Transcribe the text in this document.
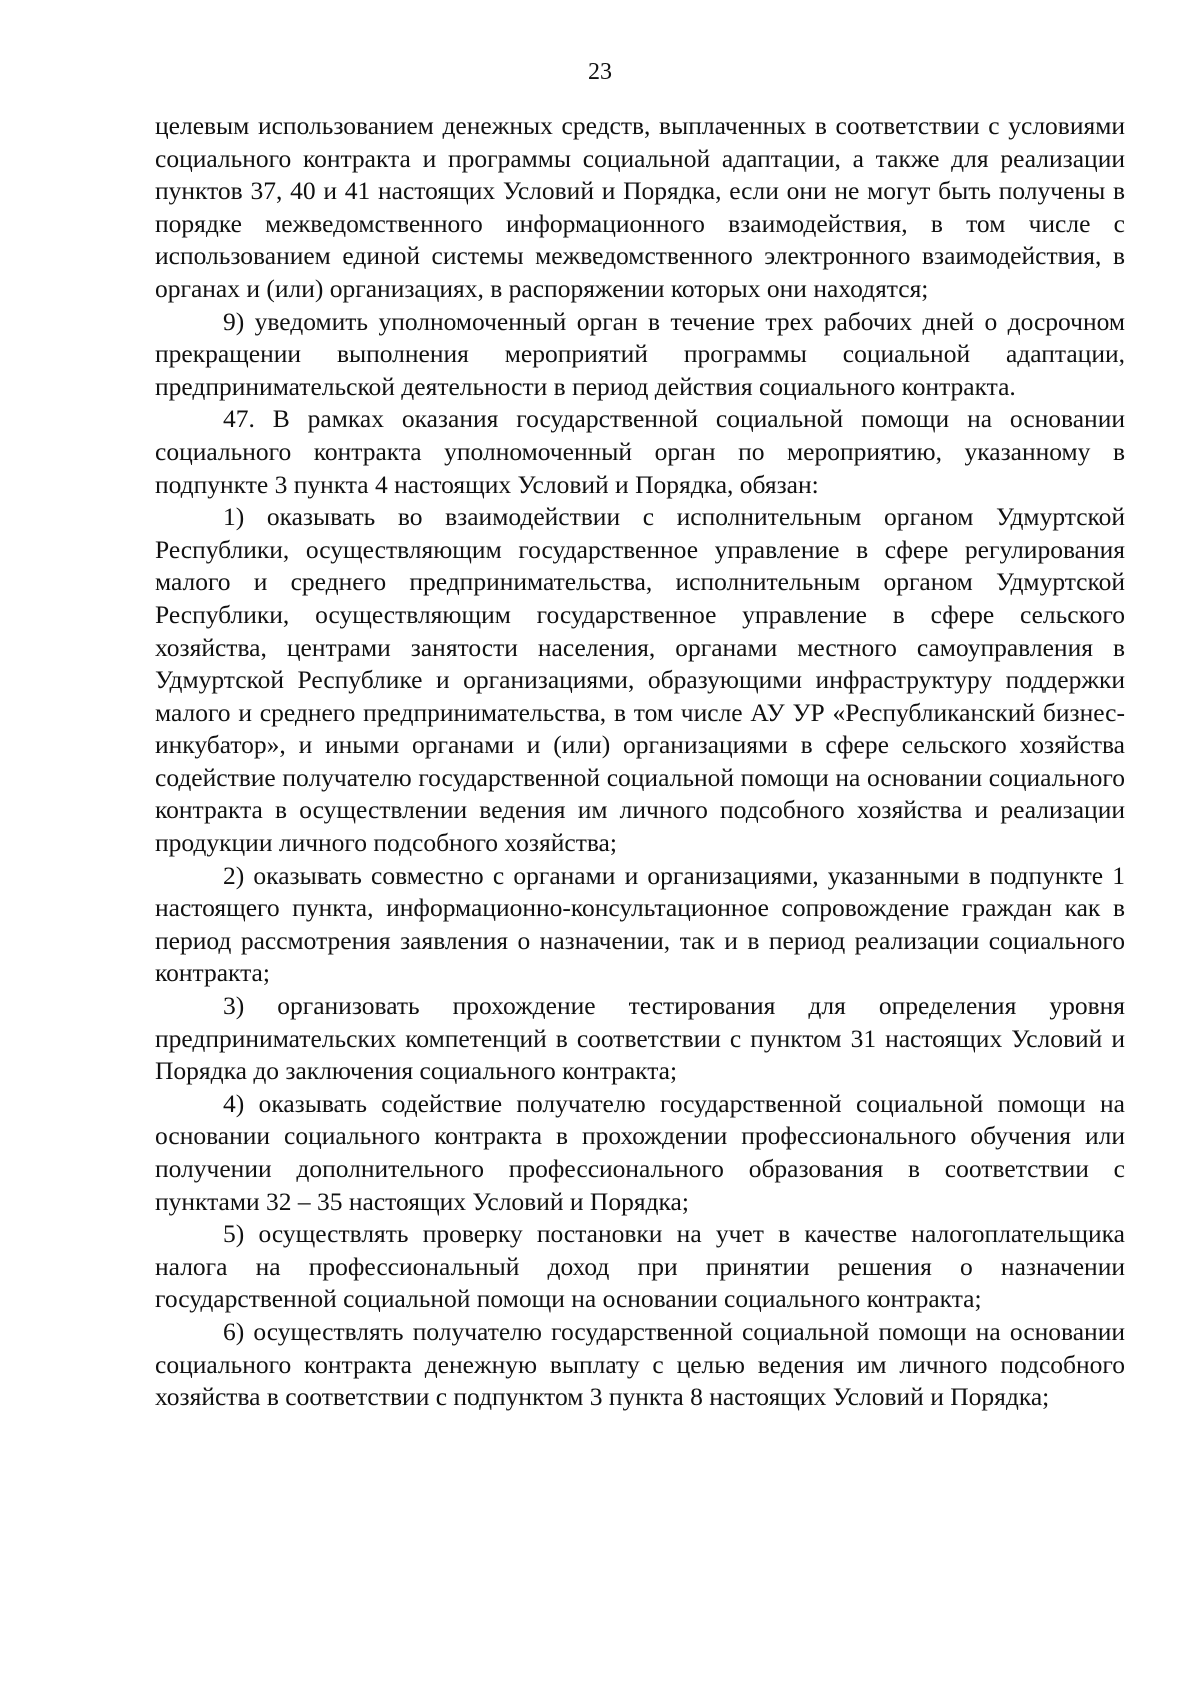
23

целевым использованием денежных средств, выплаченных в соответствии с условиями социального контракта и программы социальной адаптации, а также для реализации пунктов 37, 40 и 41 настоящих Условий и Порядка, если они не могут быть получены в порядке межведомственного информационного взаимодействия, в том числе с использованием единой системы межведомственного электронного взаимодействия, в органах и (или) организациях, в распоряжении которых они находятся;

9) уведомить уполномоченный орган в течение трех рабочих дней о досрочном прекращении выполнения мероприятий программы социальной адаптации, предпринимательской деятельности в период действия социального контракта.

47. В рамках оказания государственной социальной помощи на основании социального контракта уполномоченный орган по мероприятию, указанному в подпункте 3 пункта 4 настоящих Условий и Порядка, обязан:

1) оказывать во взаимодействии с исполнительным органом Удмуртской Республики, осуществляющим государственное управление в сфере регулирования малого и среднего предпринимательства, исполнительным органом Удмуртской Республики, осуществляющим государственное управление в сфере сельского хозяйства, центрами занятости населения, органами местного самоуправления в Удмуртской Республике и организациями, образующими инфраструктуру поддержки малого и среднего предпринимательства, в том числе АУ УР «Республиканский бизнес-инкубатор», и иными органами и (или) организациями в сфере сельского хозяйства содействие получателю государственной социальной помощи на основании социального контракта в осуществлении ведения им личного подсобного хозяйства и реализации продукции личного подсобного хозяйства;

2) оказывать совместно с органами и организациями, указанными в подпункте 1 настоящего пункта, информационно-консультационное сопровождение граждан как в период рассмотрения заявления о назначении, так и в период реализации социального контракта;

3) организовать прохождение тестирования для определения уровня предпринимательских компетенций в соответствии с пунктом 31 настоящих Условий и Порядка до заключения социального контракта;

4) оказывать содействие получателю государственной социальной помощи на основании социального контракта в прохождении профессионального обучения или получении дополнительного профессионального образования в соответствии с пунктами 32 – 35 настоящих Условий и Порядка;

5) осуществлять проверку постановки на учет в качестве налогоплательщика налога на профессиональный доход при принятии решения о назначении государственной социальной помощи на основании социального контракта;

6) осуществлять получателю государственной социальной помощи на основании социального контракта денежную выплату с целью ведения им личного подсобного хозяйства в соответствии с подпунктом 3 пункта 8 настоящих Условий и Порядка;
